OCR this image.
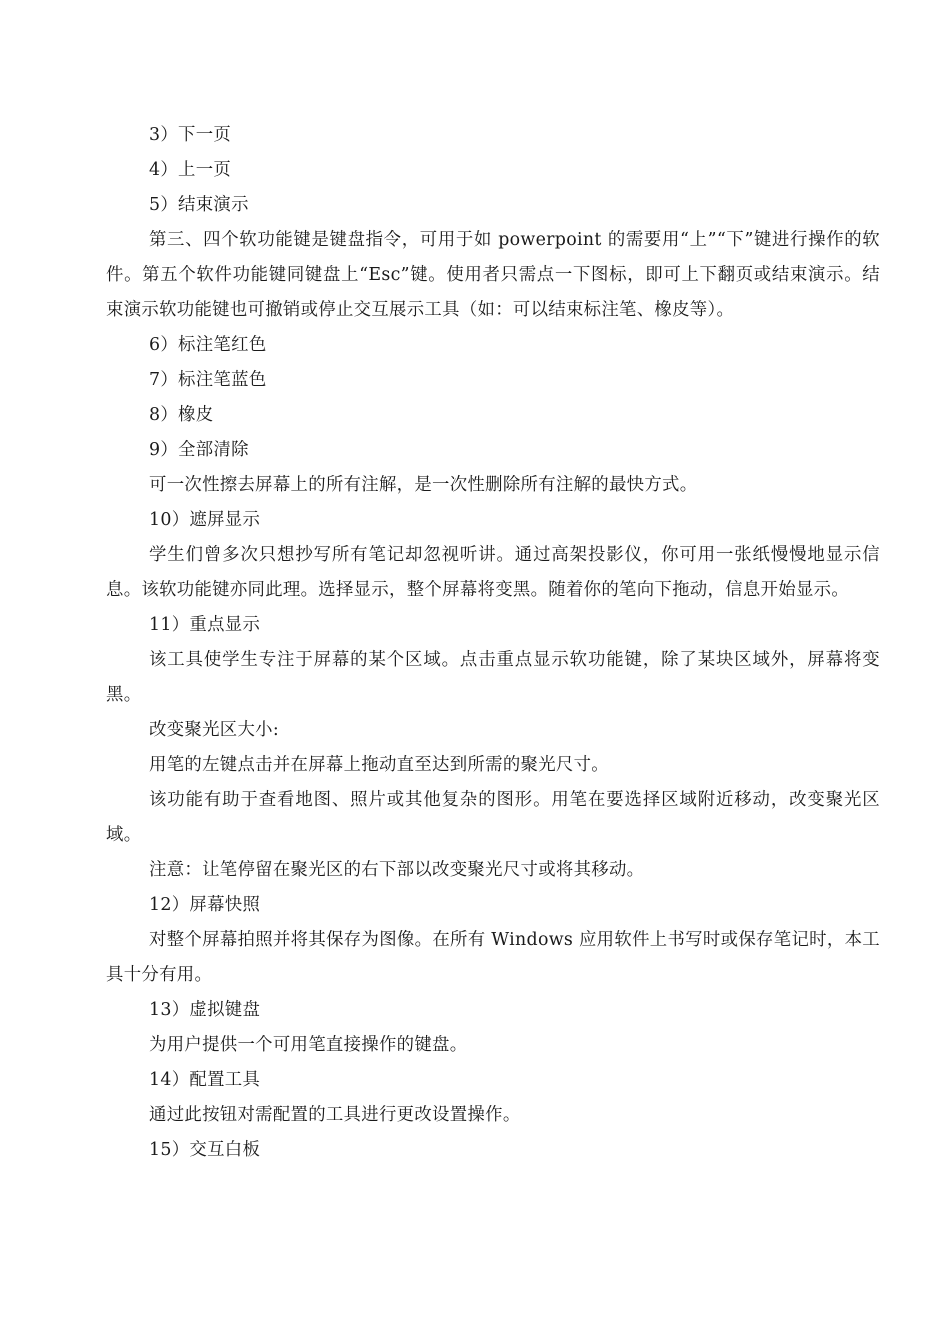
3）下一页

4）上一页

5）结束演示

第三、四个软功能键是键盘指令，可用于如 powerpoint 的需要用“上”“下”键进行操作的软件。第五个软件功能键同键盘上“Esc”键。使用者只需点一下图标，即可上下翻页或结束演示。结束演示软功能键也可撤销或停止交互展示工具（如：可以结束标注笔、橡皮等）。

6）标注笔红色

7）标注笔蓝色

8）橡皮

9）全部清除

可一次性擦去屏幕上的所有注解，是一次性删除所有注解的最快方式。

10）遮屏显示

学生们曾多次只想抄写所有笔记却忽视听讲。通过高架投影仪，你可用一张纸慢慢地显示信息。该软功能键亦同此理。选择显示，整个屏幕将变黑。随着你的笔向下拖动，信息开始显示。

11）重点显示

该工具使学生专注于屏幕的某个区域。点击重点显示软功能键，除了某块区域外，屏幕将变黑。

改变聚光区大小:

用笔的左键点击并在屏幕上拖动直至达到所需的聚光尺寸。

该功能有助于查看地图、照片或其他复杂的图形。用笔在要选择区域附近移动，改变聚光区域。

注意：让笔停留在聚光区的右下部以改变聚光尺寸或将其移动。

12）屏幕快照

对整个屏幕拍照并将其保存为图像。在所有 Windows 应用软件上书写时或保存笔记时，本工具十分有用。

13）虚拟键盘

为用户提供一个可用笔直接操作的键盘。

14）配置工具

通过此按钮对需配置的工具进行更改设置操作。

15）交互白板
